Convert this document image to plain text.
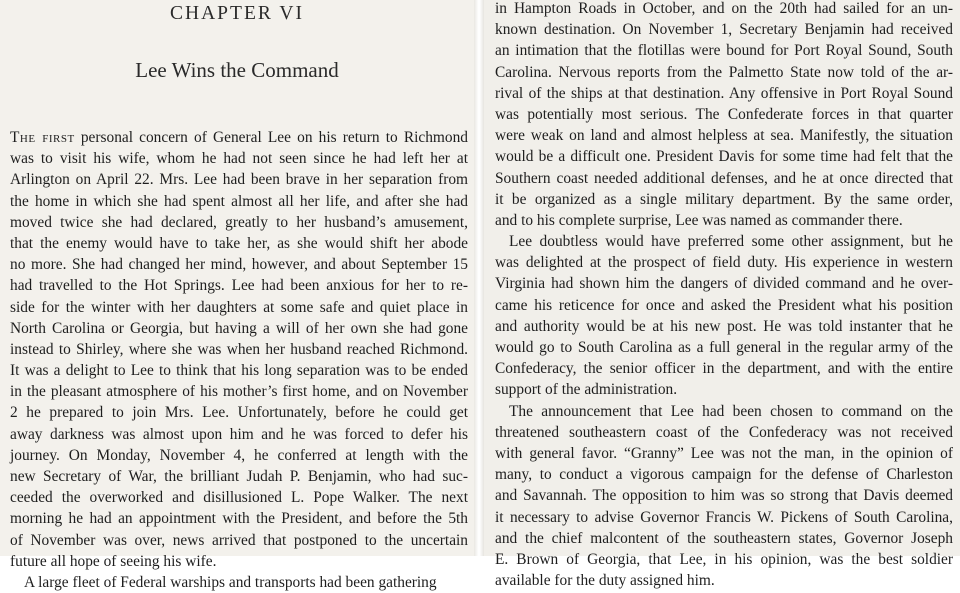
CHAPTER VI
Lee Wins the Command
The first personal concern of General Lee on his return to Richmond
was to visit his wife, whom he had not seen since he had left her at
Arlington on April 22. Mrs. Lee had been brave in her separation from
the home in which she had spent almost all her life, and after she had
moved twice she had declared, greatly to her husband’s amusement,
that the enemy would have to take her, as she would shift her abode
no more. She had changed her mind, however, and about September 15
had travelled to the Hot Springs. Lee had been anxious for her to re-
side for the winter with her daughters at some safe and quiet place in
North Carolina or Georgia, but having a will of her own she had gone
instead to Shirley, where she was when her husband reached Richmond.
It was a delight to Lee to think that his long separation was to be ended
in the pleasant atmosphere of his mother’s first home, and on November
2 he prepared to join Mrs. Lee. Unfortunately, before he could get
away darkness was almost upon him and he was forced to defer his
journey. On Monday, November 4, he conferred at length with the
new Secretary of War, the brilliant Judah P. Benjamin, who had suc-
ceeded the overworked and disillusioned L. Pope Walker. The next
morning he had an appointment with the President, and before the 5th
of November was over, news arrived that postponed to the uncertain
future all hope of seeing his wife.
A large fleet of Federal warships and transports had been gathering
in Hampton Roads in October, and on the 20th had sailed for an un-
known destination. On November 1, Secretary Benjamin had received
an intimation that the flotillas were bound for Port Royal Sound, South
Carolina. Nervous reports from the Palmetto State now told of the ar-
rival of the ships at that destination. Any offensive in Port Royal Sound
was potentially most serious. The Confederate forces in that quarter
were weak on land and almost helpless at sea. Manifestly, the situation
would be a difficult one. President Davis for some time had felt that the
Southern coast needed additional defenses, and he at once directed that
it be organized as a single military department. By the same order,
and to his complete surprise, Lee was named as commander there.
Lee doubtless would have preferred some other assignment, but he
was delighted at the prospect of field duty. His experience in western
Virginia had shown him the dangers of divided command and he over-
came his reticence for once and asked the President what his position
and authority would be at his new post. He was told instanter that he
would go to South Carolina as a full general in the regular army of the
Confederacy, the senior officer in the department, and with the entire
support of the administration.
The announcement that Lee had been chosen to command on the
threatened southeastern coast of the Confederacy was not received
with general favor. “Granny” Lee was not the man, in the opinion of
many, to conduct a vigorous campaign for the defense of Charleston
and Savannah. The opposition to him was so strong that Davis deemed
it necessary to advise Governor Francis W. Pickens of South Carolina,
and the chief malcontent of the southeastern states, Governor Joseph
E. Brown of Georgia, that Lee, in his opinion, was the best soldier
available for the duty assigned him.
